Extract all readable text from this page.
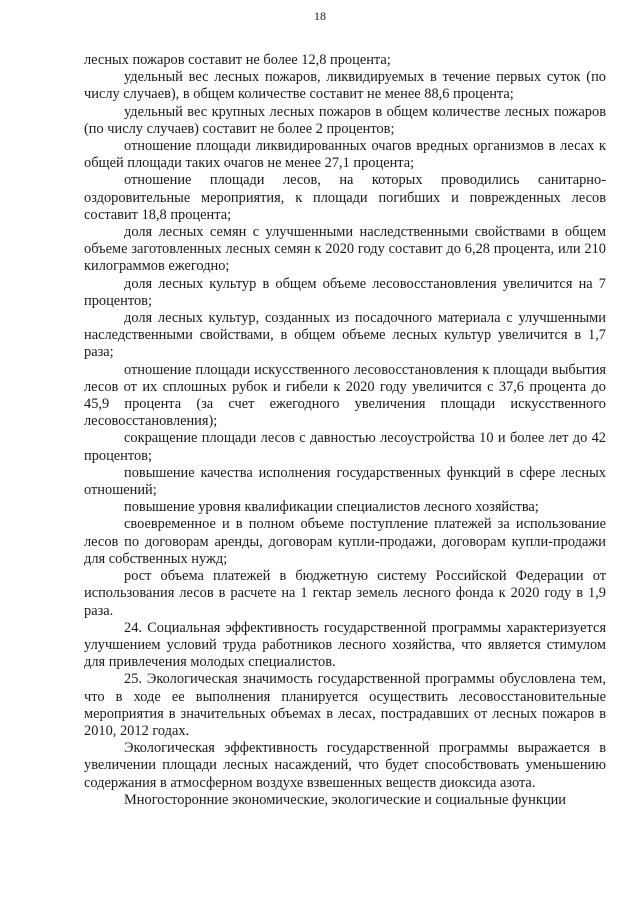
18

лесных пожаров составит не более 12,8 процента;

удельный вес лесных пожаров, ликвидируемых в течение первых суток (по числу случаев), в общем количестве составит не менее 88,6 процента;

удельный вес крупных лесных пожаров в общем количестве лесных пожаров (по числу случаев) составит не более 2 процентов;

отношение площади ликвидированных очагов вредных организмов в лесах к общей площади таких очагов не менее 27,1 процента;

отношение площади лесов, на которых проводились санитарно-оздоровительные мероприятия, к площади погибших и поврежденных лесов составит 18,8 процента;

доля лесных семян с улучшенными наследственными свойствами в общем объеме заготовленных лесных семян к 2020 году составит до 6,28 процента, или 210 килограммов ежегодно;

доля лесных культур в общем объеме лесовосстановления увеличится на 7 процентов;

доля лесных культур, созданных из посадочного материала с улучшенными наследственными свойствами, в общем объеме лесных культур увеличится в 1,7 раза;

отношение площади искусственного лесовосстановления к площади выбытия лесов от их сплошных рубок и гибели к 2020 году увеличится с 37,6 процента до 45,9 процента (за счет ежегодного увеличения площади искусственного лесовосстановления);

сокращение площади лесов с давностью лесоустройства 10 и более лет до 42 процентов;

повышение качества исполнения государственных функций в сфере лесных отношений;

повышение уровня квалификации специалистов лесного хозяйства;

своевременное и в полном объеме поступление платежей за использование лесов по договорам аренды, договорам купли-продажи, договорам купли-продажи для собственных нужд;

рост объема платежей в бюджетную систему Российской Федерации от использования лесов в расчете на 1 гектар земель лесного фонда к 2020 году в 1,9 раза.

24. Социальная эффективность государственной программы характеризуется улучшением условий труда работников лесного хозяйства, что является стимулом для привлечения молодых специалистов.

25. Экологическая значимость государственной программы обусловлена тем, что в ходе ее выполнения планируется осуществить лесовосстановительные мероприятия в значительных объемах в лесах, пострадавших от лесных пожаров в 2010, 2012 годах.

Экологическая эффективность государственной программы выражается в увеличении площади лесных насаждений, что будет способствовать уменьшению содержания в атмосферном воздухе взвешенных веществ диоксида азота.

Многосторонние экономические, экологические и социальные функции
